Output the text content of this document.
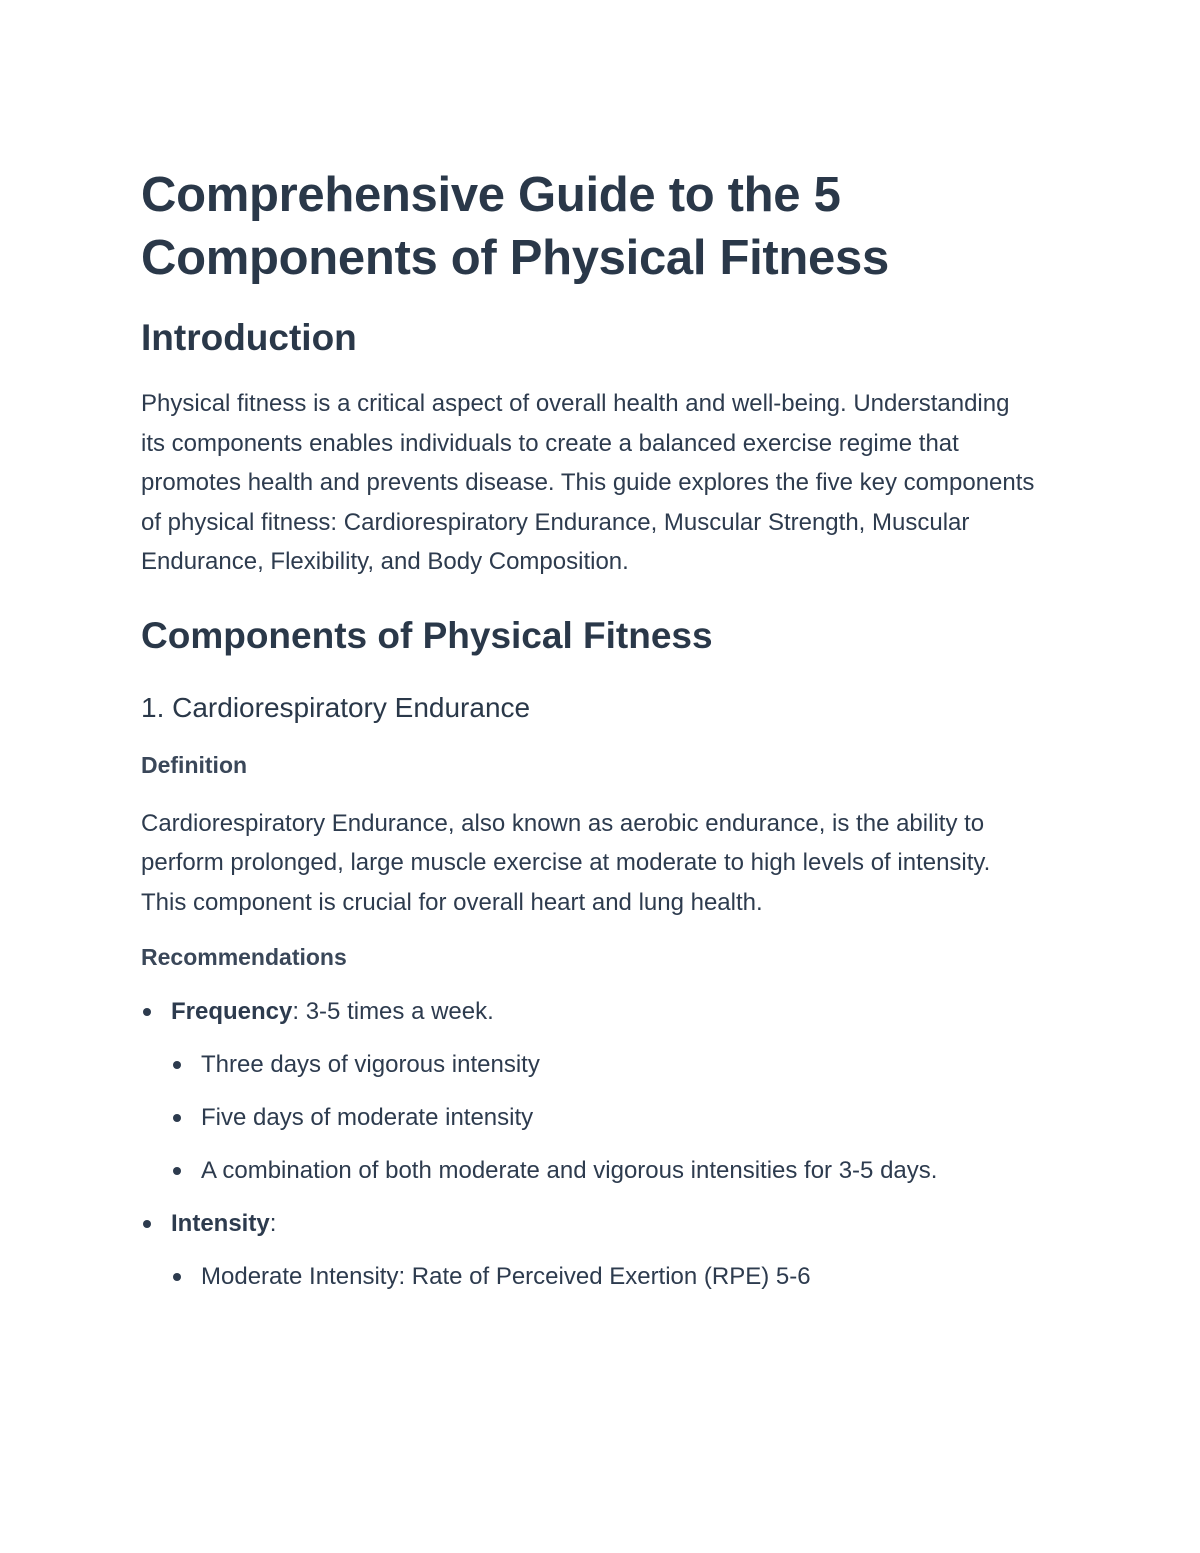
Comprehensive Guide to the 5
Components of Physical Fitness
Introduction

Physical fitness is a critical aspect of overall health and well-being. Understanding its components enables individuals to create a balanced exercise regime that promotes health and prevents disease. This guide explores the five key components of physical fitness: Cardiorespiratory Endurance, Muscular Strength, Muscular Endurance, Flexibility, and Body Composition.

Components of Physical Fitness
1. Cardiorespiratory Endurance
Definition

Cardiorespiratory Endurance, also known as aerobic endurance, is the ability to perform prolonged, large muscle exercise at moderate to high levels of intensity. This component is crucial for overall heart and lung health.

Recommendations
Frequency: 3-5 times a week.
Three days of vigorous intensity
Five days of moderate intensity
A combination of both moderate and vigorous intensities for 3-5 days.
Intensity:
Moderate Intensity: Rate of Perceived Exertion (RPE) 5-6
